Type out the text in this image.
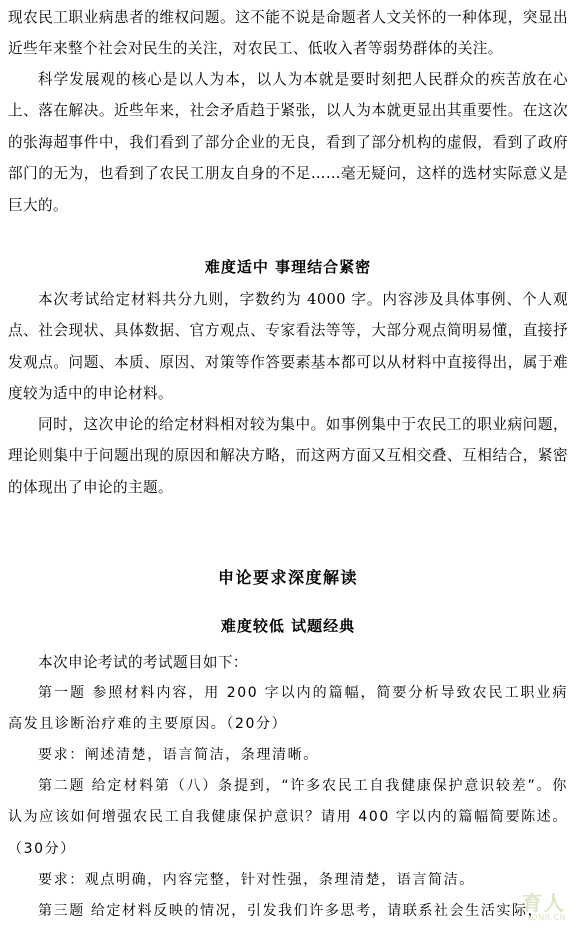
现农民工职业病患者的维权问题。这不能不说是命题者人文关怀的一种体现，突显出近些年来整个社会对民生的关注，对农民工、低收入者等弱势群体的关注。
科学发展观的核心是以人为本，以人为本就是要时刻把人民群众的疾苦放在心上、落在解决。近些年来，社会矛盾趋于紧张，以人为本就更显出其重要性。在这次的张海超事件中，我们看到了部分企业的无良，看到了部分机构的虚假，看到了政府部门的无为，也看到了农民工朋友自身的不足……毫无疑问，这样的选材实际意义是巨大的。
难度适中 事理结合紧密
本次考试给定材料共分九则，字数约为 4000 字。内容涉及具体事例、个人观点、社会现状、具体数据、官方观点、专家看法等等，大部分观点简明易懂，直接抒发观点。问题、本质、原因、对策等作答要素基本都可以从材料中直接得出，属于难度较为适中的申论材料。
同时，这次申论的给定材料相对较为集中。如事例集中于农民工的职业病问题，理论则集中于问题出现的原因和解决方略，而这两方面又互相交叠、互相结合，紧密的体现出了申论的主题。
申论要求深度解读
难度较低 试题经典
本次申论考试的考试题目如下：
第一题 参照材料内容，用 200 字以内的篇幅，简要分析导致农民工职业病高发且诊断治疗难的主要原因。（20分）
要求：阐述清楚，语言简洁，条理清晰。
第二题 给定材料第（八）条提到，“许多农民工自我健康保护意识较差”。你认为应该如何增强农民工自我健康保护意识？请用 400 字以内的篇幅简要陈述。（30分）
要求：观点明确，内容完整，针对性强，条理清楚，语言简洁。
第三题 给定材料反映的情况，引发我们许多思考，请联系社会生活实际，
育人
QNR.CN
